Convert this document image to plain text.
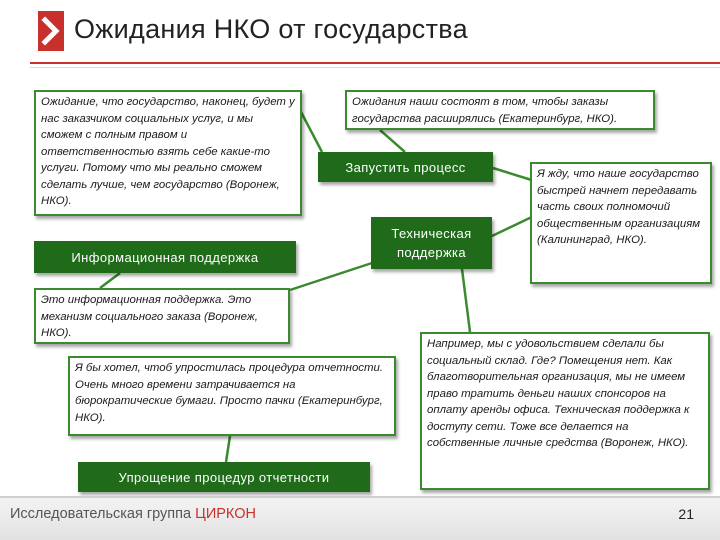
Ожидания НКО от государства
Ожидание, что государство, наконец, будет у нас заказчиком социальных услуг, и мы сможем с полным правом и ответственностью взять себе какие-то услуги. Потому что мы реально сможем сделать лучше, чем государство (Воронеж, НКО).
Ожидания наши состоят в том, чтобы заказы государства расширялись (Екатеринбург, НКО).
Я жду, что наше государство быстрей начнет передавать часть своих полномочий общественным организациям (Калининград, НКО).
Это информационная поддержка. Это механизм социального заказа (Воронеж, НКО).
Я бы хотел, чтоб упростилась процедура отчетности. Очень много времени затрачивается на бюрократические бумаги. Просто пачки (Екатеринбург, НКО).
Например, мы с удовольствием сделали бы социальный склад. Где? Помещения нет. Как благотворительная организация, мы не имеем право тратить деньги наших спонсоров на оплату аренды офиса. Техническая поддержка к доступу сети. Тоже все делается на собственные личные средства (Воронеж, НКО).
Информационная поддержка
Запустить процесс
Техническая
поддержка
Упрощение процедур отчетности
Исследовательская группа ЦИРКОН	21
